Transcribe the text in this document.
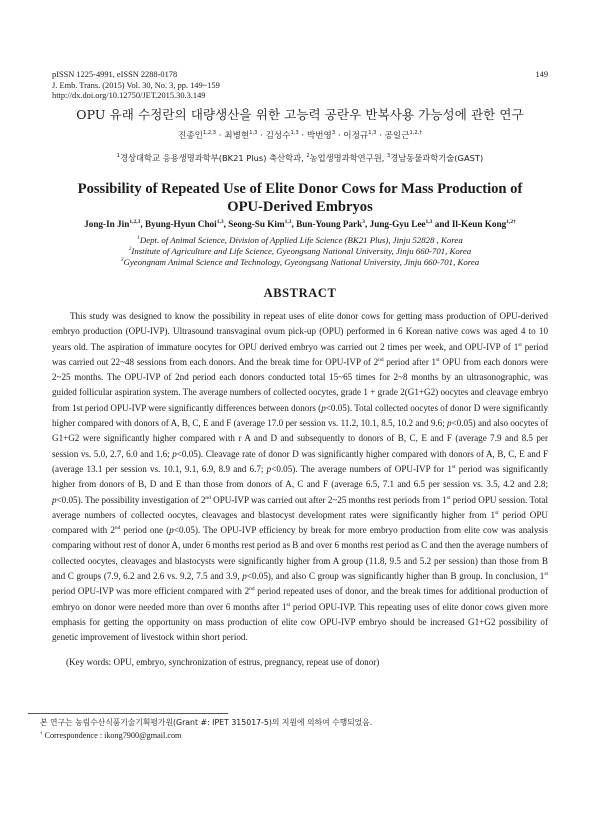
pISSN 1225-4991, eISSN 2288-0178
J. Emb. Trans. (2015) Vol. 30, No. 3, pp. 149~159
http://dx.doi.org/10.12750/JET.2015.30.3.149
149
OPU 유래 수정란의 대량생산을 위한 고능력 공란우 반복사용 가능성에 관한 연구
진종인$^{1,2,3}$ · 최병현$^{1,3}$ · 김성수$^{1,3}$ · 박번영$^3$ · 이정규$^{1,3}$ · 공일근$^{1,2,\dagger}$
$^1$경상대학교 응용생명과학부(BK21 Plus) 축산학과, $^2$농업생명과학연구원, $^3$경남동물과학기술(GAST)
Possibility of Repeated Use of Elite Donor Cows for Mass Production of
OPU-Derived Embryos
Jong-In Jin$^{1,2,3}$, Byung-Hyun Choi$^{1,3}$, Seong-Su Kim$^{1,3}$, Bun-Young Park$^3$, Jung-Gyu Lee$^{1,3}$ and Il-Keun Kong$^{1,2\dagger}$
$^1$Dept. of Animal Science, Division of Applied Life Science (BK21 Plus), Jinju 52828 , Korea
$^2$Institute of Agriculture and Life Science, Gyeongsang National University, Jinju 660-701, Korea
$^3$Gyeongnam Animal Science and Technology, Gyeongsang National University, Jinju 660-701, Korea
ABSTRACT

This study was designed to know the possibility in repeat uses of elite donor cows for getting mass production of OPU-derived embryo production (OPU-IVP). Ultrasound transvaginal ovum pick-up (OPU) performed in 6 Korean native cows was aged 4 to 10 years old. The aspiration of immature oocytes for OPU derived embryo was carried out 2 times per week, and OPU-IVP of 1st period was carried out 22~48 sessions from each donors. And the break time for OPU-IVP of 2nd period after 1st OPU from each donors were 2~25 months. The OPU-IVP of 2nd period each donors conducted total 15~65 times for 2~8 months by an ultrasonographic, was guided follicular aspiration system. The average numbers of collected oocytes, grade 1 + grade 2(G1+G2) oocytes and cleavage embryo from 1st period OPU-IVP were significantly differences between donors (p<0.05). Total collected oocytes of donor D were significantly higher compared with donors of A, B, C, E and F (average 17.0 per session vs. 11.2, 10.1, 8.5, 10.2 and 9.6; p<0.05) and also oocytes of G1+G2 were significantly higher compared with r A and D and subsequently to donors of B, C, E and F (average 7.9 and 8.5 per session vs. 5.0, 2.7, 6.0 and 1.6; p<0.05). Cleavage rate of donor D was significantly higher compared with donors of A, B, C, E and F (average 13.1 per session vs. 10.1, 9.1, 6.9, 8.9 and 6.7; p<0.05). The average numbers of OPU-IVP for 1st period was significantly higher from donors of B, D and E than those from donors of A, C and F (average 6.5, 7.1 and 6.5 per session vs. 3.5, 4.2 and 2.8; p<0.05). The possibility investigation of 2nd OPU-IVP was carried out after 2~25 months rest periods from 1st period OPU session. Total average numbers of collected oocytes, cleavages and blastocyst development rates were significantly higher from 1st period OPU compared with 2nd period one (p<0.05). The OPU-IVP efficiency by break for more embryo production from elite cow was analysis comparing without rest of donor A, under 6 months rest period as B and over 6 months rest period as C and then the average numbers of collected oocytes, cleavages and blastocysts were significantly higher from A group (11.8, 9.5 and 5.2 per session) than those from B and C groups (7.9, 6.2 and 2.6 vs. 9.2, 7.5 and 3.9, p<0.05), and also C group was significantly higher than B group. In conclusion, 1st period OPU-IVP was more efficient compared with 2nd period repeated uses of donor, and the break times for additional production of embryo on donor were needed more than over 6 months after 1st period OPU-IVP. This repeating uses of elite donor cows given more emphasis for getting the opportunity on mass production of elite cow OPU-IVP embryo should be increased G1+G2 possibility of genetic improvement of livestock within short period.

(Key words: OPU, embryo, synchronization of estrus, pregnancy, repeat use of donor)
본 연구는 농림수산식품기술기획평가원(Grant #: IPET 315017-5)의 지원에 의하여 수행되었음.
† Correspondence : ikong7900@gmail.com
